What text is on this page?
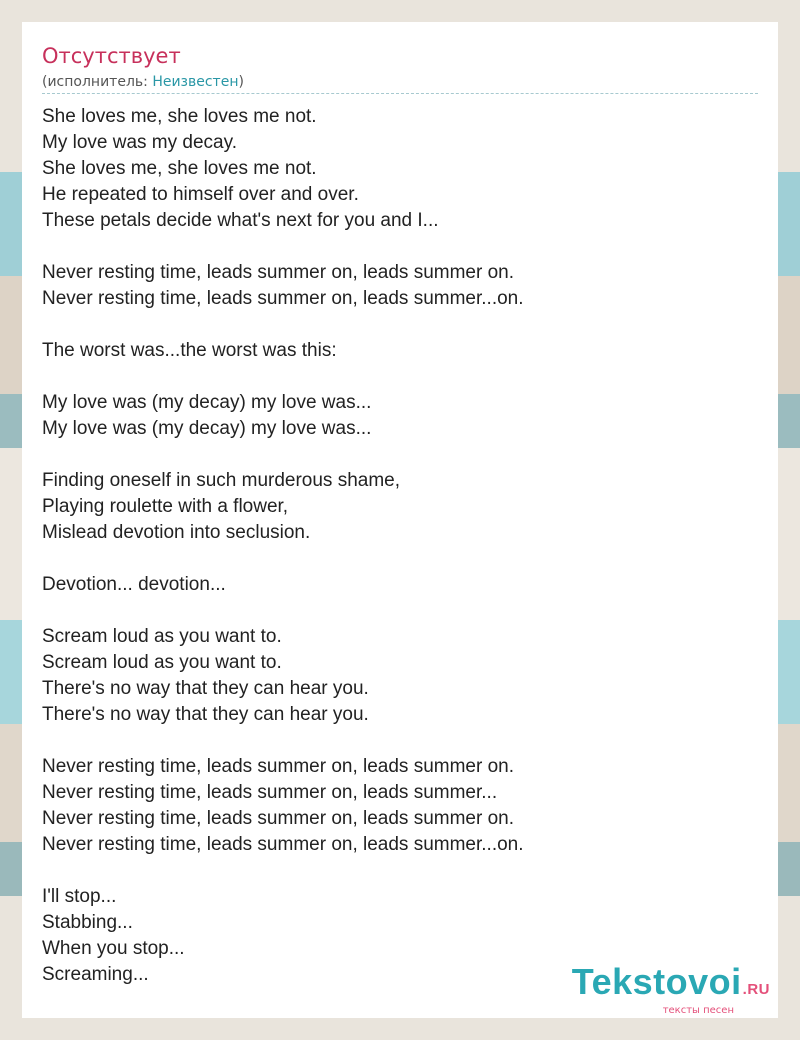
Отсутствует
(исполнитель: Неизвестен)
She loves me, she loves me not.
My love was my decay.
She loves me, she loves me not.
He repeated to himself over and over.
These petals decide what's next for you and I...
Never resting time, leads summer on, leads summer on.
Never resting time, leads summer on, leads summer...on.
The worst was...the worst was this:
My love was (my decay) my love was...
My love was (my decay) my love was...
Finding oneself in such murderous shame,
Playing roulette with a flower,
Mislead devotion into seclusion.
Devotion... devotion...
Scream loud as you want to.
Scream loud as you want to.
There's no way that they can hear you.
There's no way that they can hear you.
Never resting time, leads summer on, leads summer on.
Never resting time, leads summer on, leads summer...
Never resting time, leads summer on, leads summer on.
Never resting time, leads summer on, leads summer...on.
I'll stop...
Stabbing...
When you stop...
Screaming...	Tekstovoi.RU
тексты песен
